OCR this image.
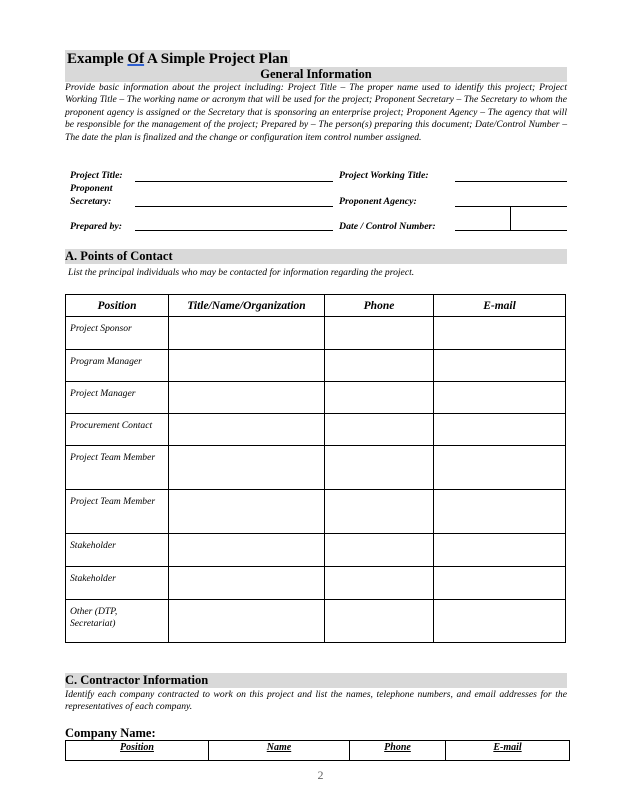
Example Of A Simple Project Plan
General Information
Provide basic information about the project including: Project Title – The proper name used to identify this project; Project Working Title – The working name or acronym that will be used for the project; Proponent Secretary – The Secretary to whom the proponent agency is assigned or the Secretary that is sponsoring an enterprise project; Proponent Agency – The agency that will be responsible for the management of the project; Prepared by – The person(s) preparing this document; Date/Control Number – The date the plan is finalized and the change or configuration item control number assigned.
Project Title:	Project Working Title:
Proponent
Secretary:	Proponent Agency:
Prepared by:	Date / Control Number:
A. Points of Contact
List the principal individuals who may be contacted for information regarding the project.
Position	Title/Name/Organization	Phone	E-mail
Project Sponsor			
Program Manager			
Project Manager			
Procurement Contact			
Project Team Member			
Project Team Member			
Stakeholder			
Stakeholder			
Other (DTP, Secretariat)			
C. Contractor Information
Identify each company contracted to work on this project and list the names, telephone numbers, and email addresses for the representatives of each company.
Company Name:
Position	Name	Phone	E-mail
2
